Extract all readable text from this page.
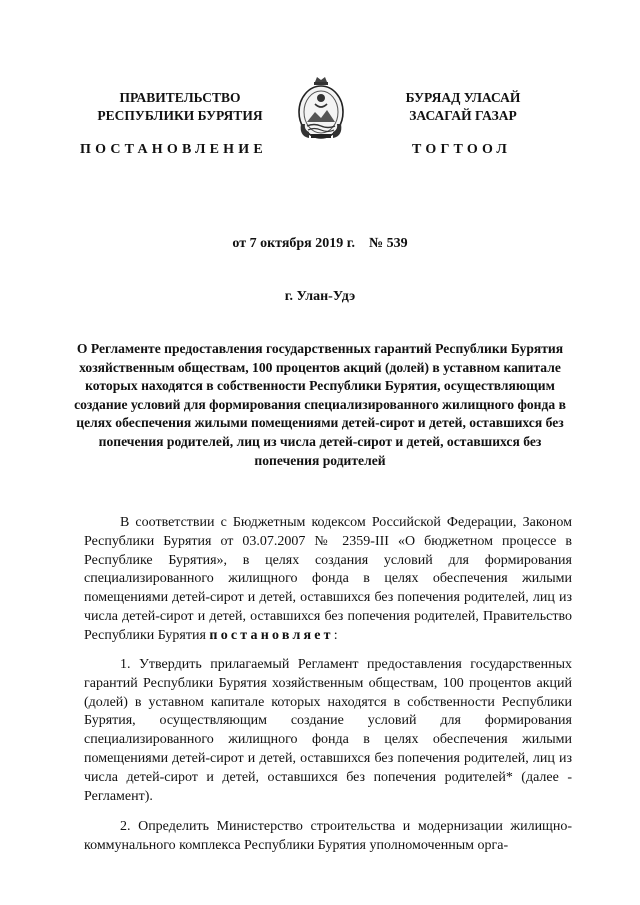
ПРАВИТЕЛЬСТВО
РЕСПУБЛИКИ БУРЯТИЯ
БУРЯАД УЛАСАЙ
ЗАСАГАЙ ГАЗАР
ПОСТАНОВЛЕНИЕ	ТОГТООЛ
от 7 октября 2019 г.    № 539
г. Улан-Удэ
О Регламенте предоставления государственных гарантий Республики Бурятия хозяйственным обществам, 100 процентов акций (долей) в уставном капитале которых находятся в собственности Республики Бурятия, осуществляющим создание условий для формирования специализированного жилищного фонда в целях обеспечения жилыми помещениями детей-сирот и детей, оставшихся без попечения родителей, лиц из числа детей-сирот и детей, оставшихся без попечения родителей
В соответствии с Бюджетным кодексом Российской Федерации, Законом Республики Бурятия от 03.07.2007 № 2359-III «О бюджетном процессе в Республике Бурятия», в целях создания условий для формирования специализированного жилищного фонда в целях обеспечения жилыми помещениями детей-сирот и детей, оставшихся без попечения родителей, лиц из числа детей-сирот и детей, оставшихся без попечения родителей, Правительство Республики Бурятия постановляет:
1. Утвердить прилагаемый Регламент предоставления государственных гарантий Республики Бурятия хозяйственным обществам, 100 процентов акций (долей) в уставном капитале которых находятся в собственности Республики Бурятия, осуществляющим создание условий для формирования специализированного жилищного фонда в целях обеспечения жилыми помещениями детей-сирот и детей, оставшихся без попечения родителей, лиц из числа детей-сирот и детей, оставшихся без попечения родителей* (далее - Регламент).
2. Определить Министерство строительства и модернизации жилищно-коммунального комплекса Республики Бурятия уполномоченным орга-
